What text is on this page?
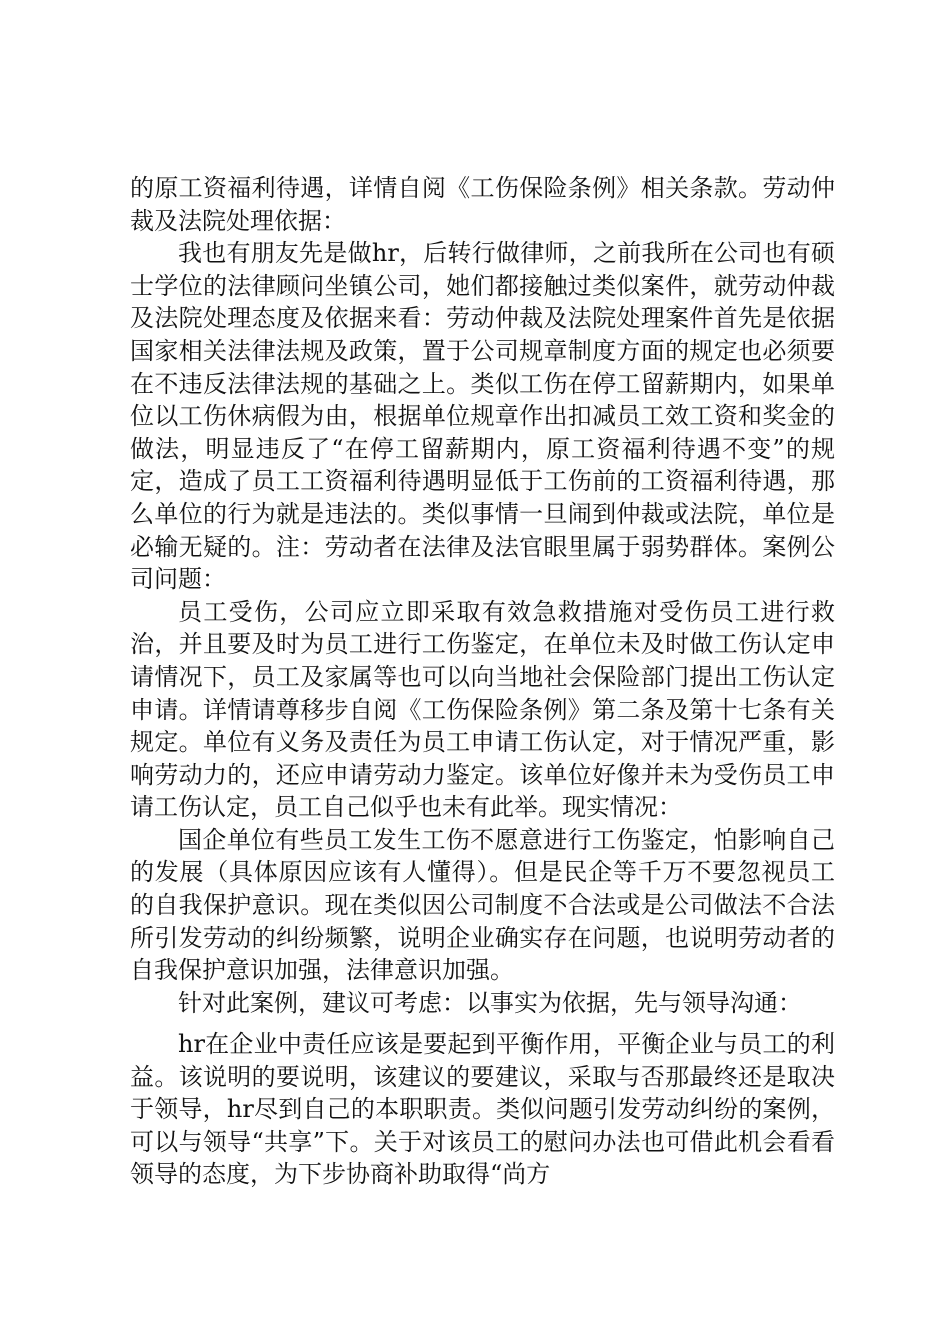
的原工资福利待遇，详情自阅《工伤保险条例》相关条款。劳动仲裁及法院处理依据：

我也有朋友先是做hr，后转行做律师，之前我所在公司也有硕士学位的法律顾问坐镇公司，她们都接触过类似案件，就劳动仲裁及法院处理态度及依据来看：劳动仲裁及法院处理案件首先是依据国家相关法律法规及政策，置于公司规章制度方面的规定也必须要在不违反法律法规的基础之上。类似工伤在停工留薪期内，如果单位以工伤休病假为由，根据单位规章作出扣减员工效工资和奖金的做法，明显违反了“在停工留薪期内，原工资福利待遇不变”的规定，造成了员工工资福利待遇明显低于工伤前的工资福利待遇，那么单位的行为就是违法的。类似事情一旦闹到仲裁或法院，单位是必输无疑的。注：劳动者在法律及法官眼里属于弱势群体。案例公司问题：

员工受伤，公司应立即采取有效急救措施对受伤员工进行救治，并且要及时为员工进行工伤鉴定，在单位未及时做工伤认定申请情况下，员工及家属等也可以向当地社会保险部门提出工伤认定申请。详情请尊移步自阅《工伤保险条例》第二条及第十七条有关规定。单位有义务及责任为员工申请工伤认定，对于情况严重，影响劳动力的，还应申请劳动力鉴定。该单位好像并未为受伤员工申请工伤认定，员工自己似乎也未有此举。现实情况：

国企单位有些员工发生工伤不愿意进行工伤鉴定，怕影响自己的发展（具体原因应该有人懂得）。但是民企等千万不要忽视员工的自我保护意识。现在类似因公司制度不合法或是公司做法不合法所引发劳动的纠纷频繁，说明企业确实存在问题，也说明劳动者的自我保护意识加强，法律意识加强。

针对此案例，建议可考虑：以事实为依据，先与领导沟通：

hr在企业中责任应该是要起到平衡作用，平衡企业与员工的利益。该说明的要说明，该建议的要建议，采取与否那最终还是取决于领导，hr尽到自己的本职职责。类似问题引发劳动纠纷的案例，可以与领导“共享”下。关于对该员工的慰问办法也可借此机会看看领导的态度，为下步协商补助取得“尚方
